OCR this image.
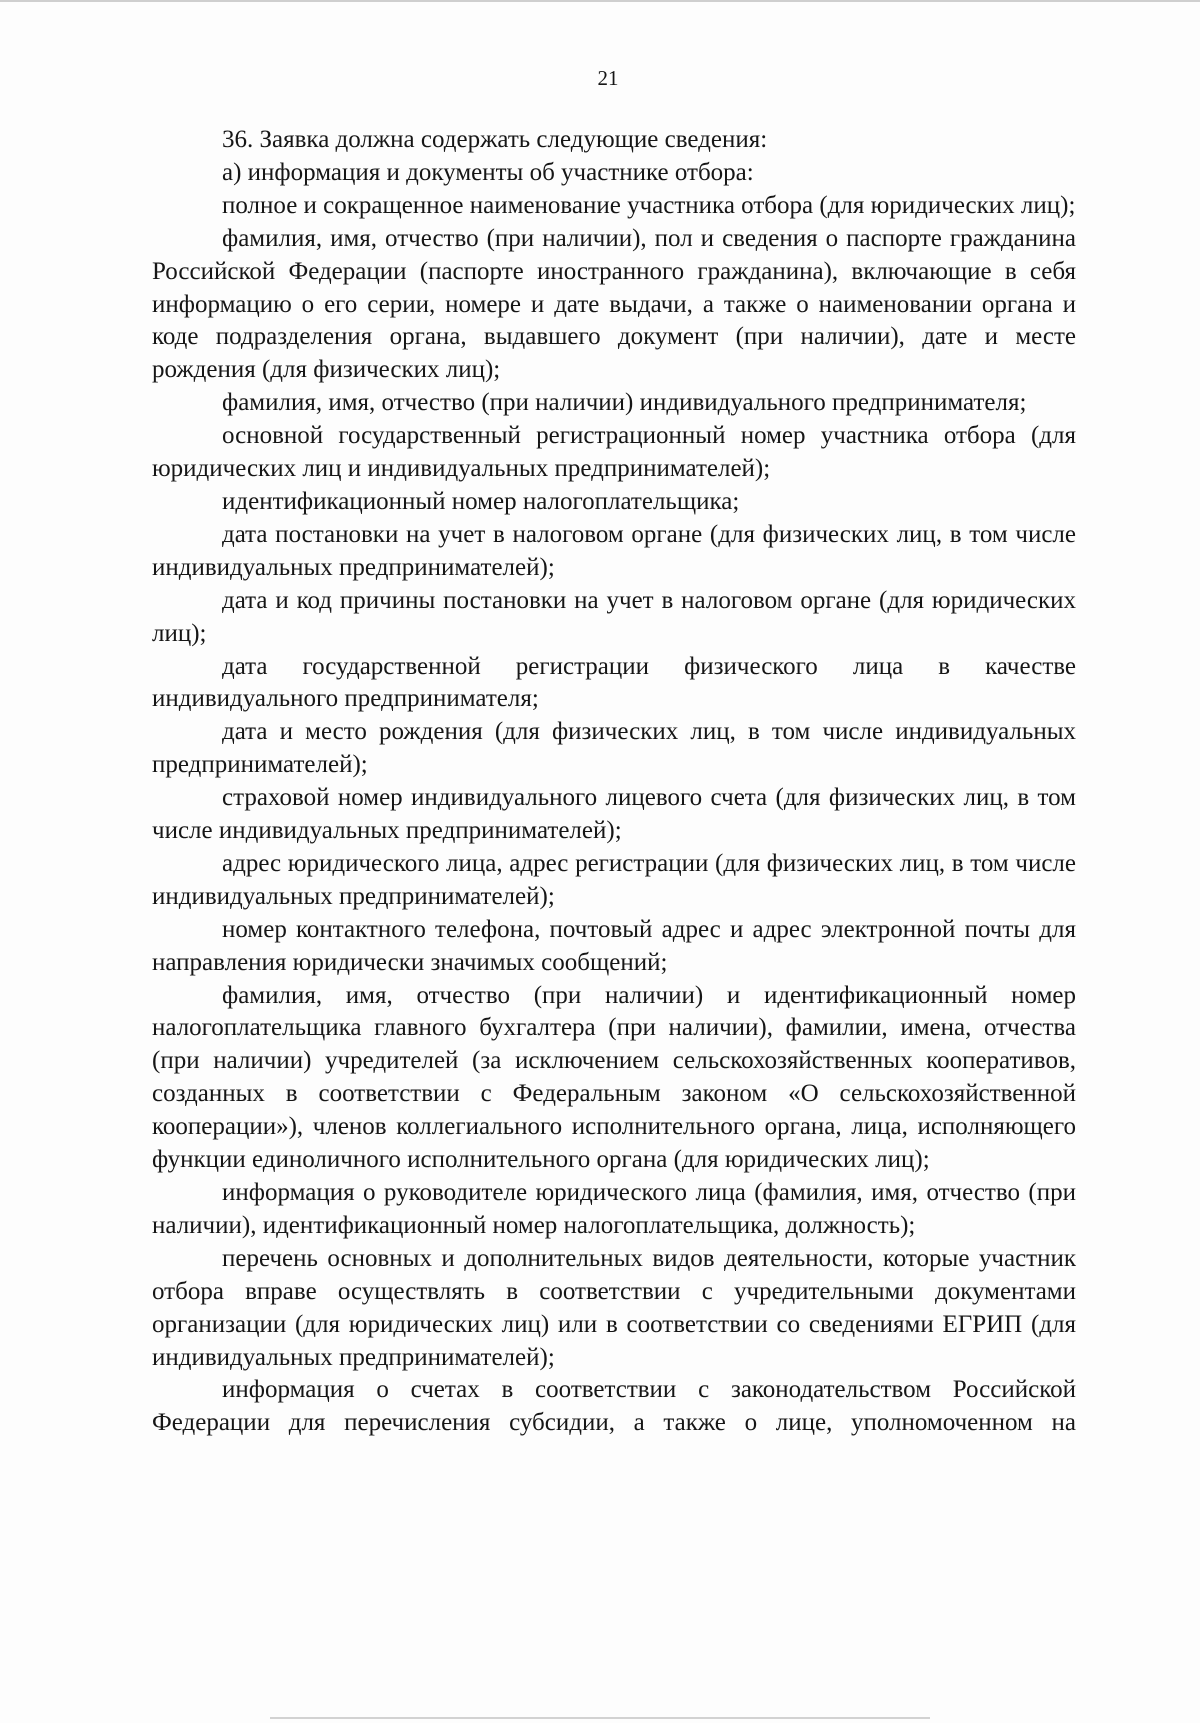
21

36. Заявка должна содержать следующие сведения:

а) информация и документы об участнике отбора:

полное и сокращенное наименование участника отбора (для юридических лиц);

фамилия, имя, отчество (при наличии), пол и сведения о паспорте гражданина Российской Федерации (паспорте иностранного гражданина), включающие в себя информацию о его серии, номере и дате выдачи, а также о наименовании органа и коде подразделения органа, выдавшего документ (при наличии), дате и месте рождения (для физических лиц);

фамилия, имя, отчество (при наличии) индивидуального предпринимателя;

основной государственный регистрационный номер участника отбора (для юридических лиц и индивидуальных предпринимателей);

идентификационный номер налогоплательщика;

дата постановки на учет в налоговом органе (для физических лиц, в том числе индивидуальных предпринимателей);

дата и код причины постановки на учет в налоговом органе (для юридических лиц);

дата государственной регистрации физического лица в качестве индивидуального предпринимателя;

дата и место рождения (для физических лиц, в том числе индивидуальных предпринимателей);

страховой номер индивидуального лицевого счета (для физических лиц, в том числе индивидуальных предпринимателей);

адрес юридического лица, адрес регистрации (для физических лиц, в том числе индивидуальных предпринимателей);

номер контактного телефона, почтовый адрес и адрес электронной почты для направления юридически значимых сообщений;

фамилия, имя, отчество (при наличии) и идентификационный номер налогоплательщика главного бухгалтера (при наличии), фамилии, имена, отчества (при наличии) учредителей (за исключением сельскохозяйственных кооперативов, созданных в соответствии с Федеральным законом «О сельскохозяйственной кооперации»), членов коллегиального исполнительного органа, лица, исполняющего функции единоличного исполнительного органа (для юридических лиц);

информация о руководителе юридического лица (фамилия, имя, отчество (при наличии), идентификационный номер налогоплательщика, должность);

перечень основных и дополнительных видов деятельности, которые участник отбора вправе осуществлять в соответствии с учредительными документами организации (для юридических лиц) или в соответствии со сведениями ЕГРИП (для индивидуальных предпринимателей);

информация о счетах в соответствии с законодательством Российской Федерации для перечисления субсидии, а также о лице, уполномоченном на
